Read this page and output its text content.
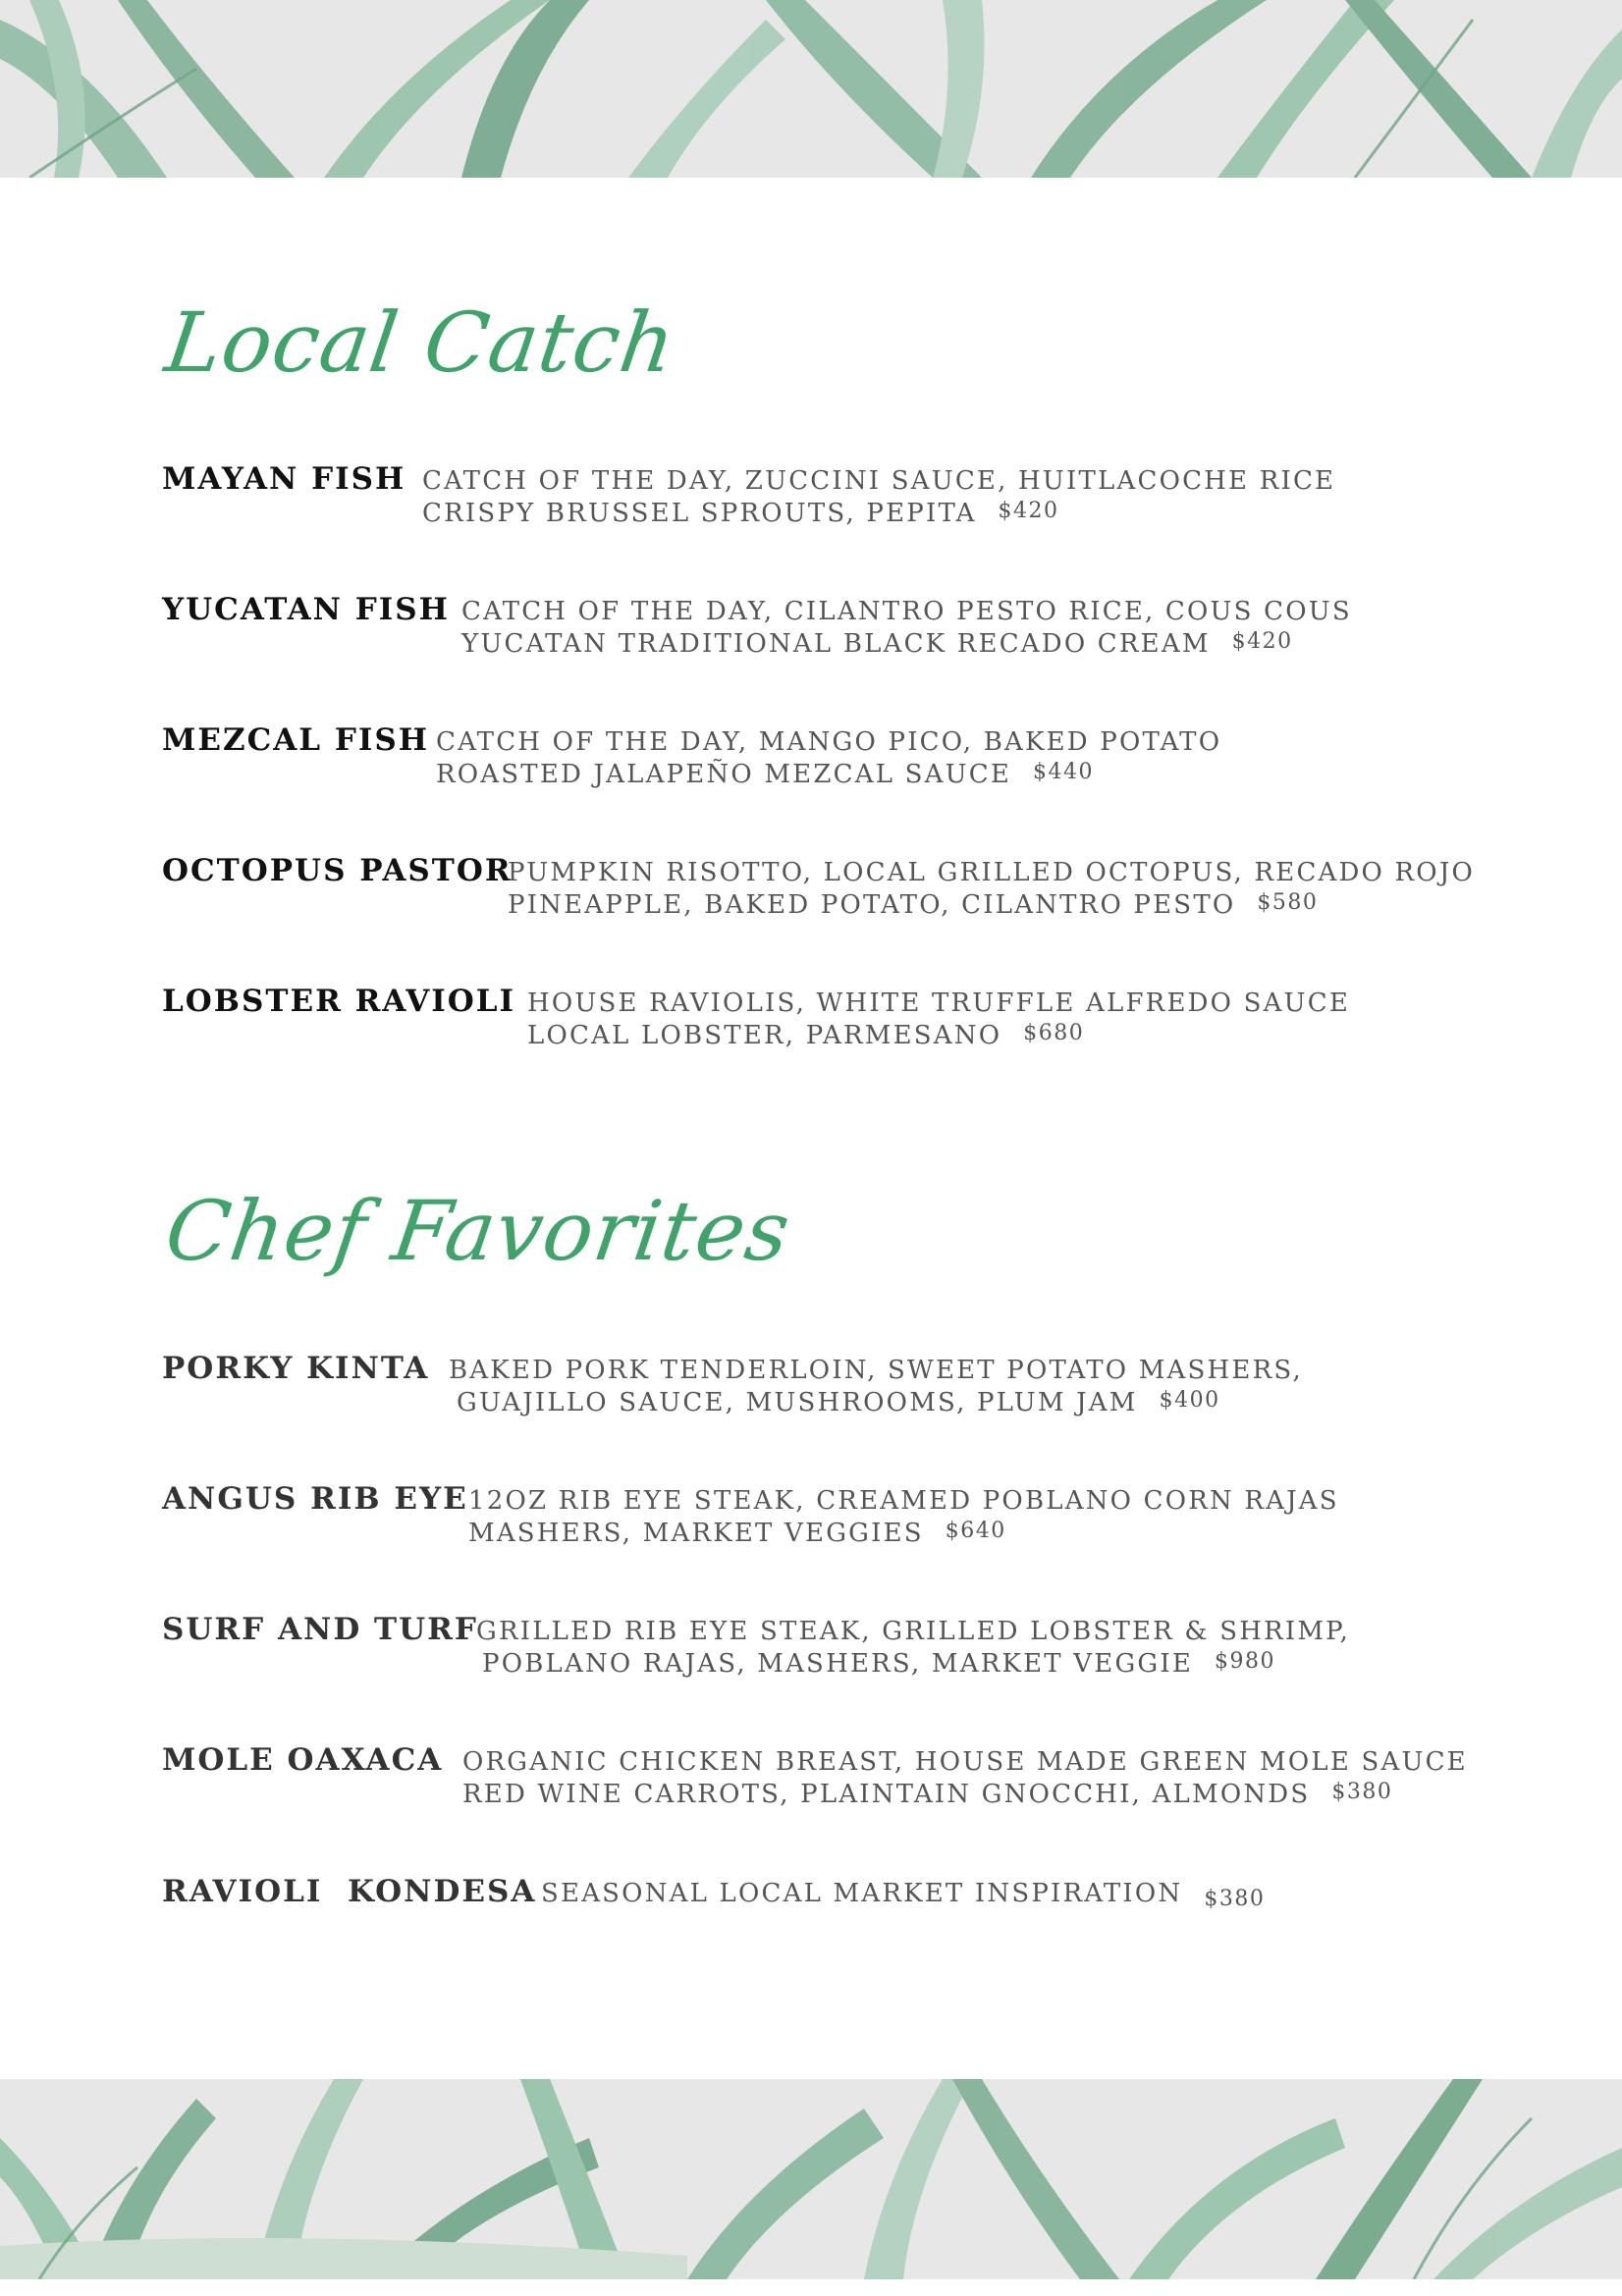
Local Catch
MAYAN FISH CATCH OF THE DAY, ZUCCINI SAUCE, HUITLACOCHE RICE
CRISPY BRUSSEL SPROUTS, PEPITA $420
YUCATAN FISH CATCH OF THE DAY, CILANTRO PESTO RICE, COUS COUS
YUCATAN TRADITIONAL BLACK RECADO CREAM $420
MEZCAL FISH CATCH OF THE DAY, MANGO PICO, BAKED POTATO
ROASTED JALAPEÑO MEZCAL SAUCE $440
OCTOPUS PASTOR
PUMPKIN RISOTTO, LOCAL GRILLED OCTOPUS, RECADO ROJO
PINEAPPLE, BAKED POTATO, CILANTRO PESTO $580
LOBSTER RAVIOLI HOUSE RAVIOLIS, WHITE TRUFFLE ALFREDO SAUCE
LOCAL LOBSTER, PARMESANO $680
Chef Favorites
PORKY KINTA BAKED PORK TENDERLOIN, SWEET POTATO MASHERS,
GUAJILLO SAUCE, MUSHROOMS, PLUM JAM $400
ANGUS RIB EYE 12OZ RIB EYE STEAK, CREAMED POBLANO CORN RAJAS
MASHERS, MARKET VEGGIES $640
SURF AND TURF
GRILLED RIB EYE STEAK, GRILLED LOBSTER & SHRIMP,
POBLANO RAJAS, MASHERS, MARKET VEGGIE $980
MOLE OAXACA ORGANIC CHICKEN BREAST, HOUSE MADE GREEN MOLE SAUCE
RED WINE CARROTS, PLAINTAIN GNOCCHI, ALMONDS $380
RAVIOLI  KONDESA SEASONAL LOCAL MARKET INSPIRATION $380
